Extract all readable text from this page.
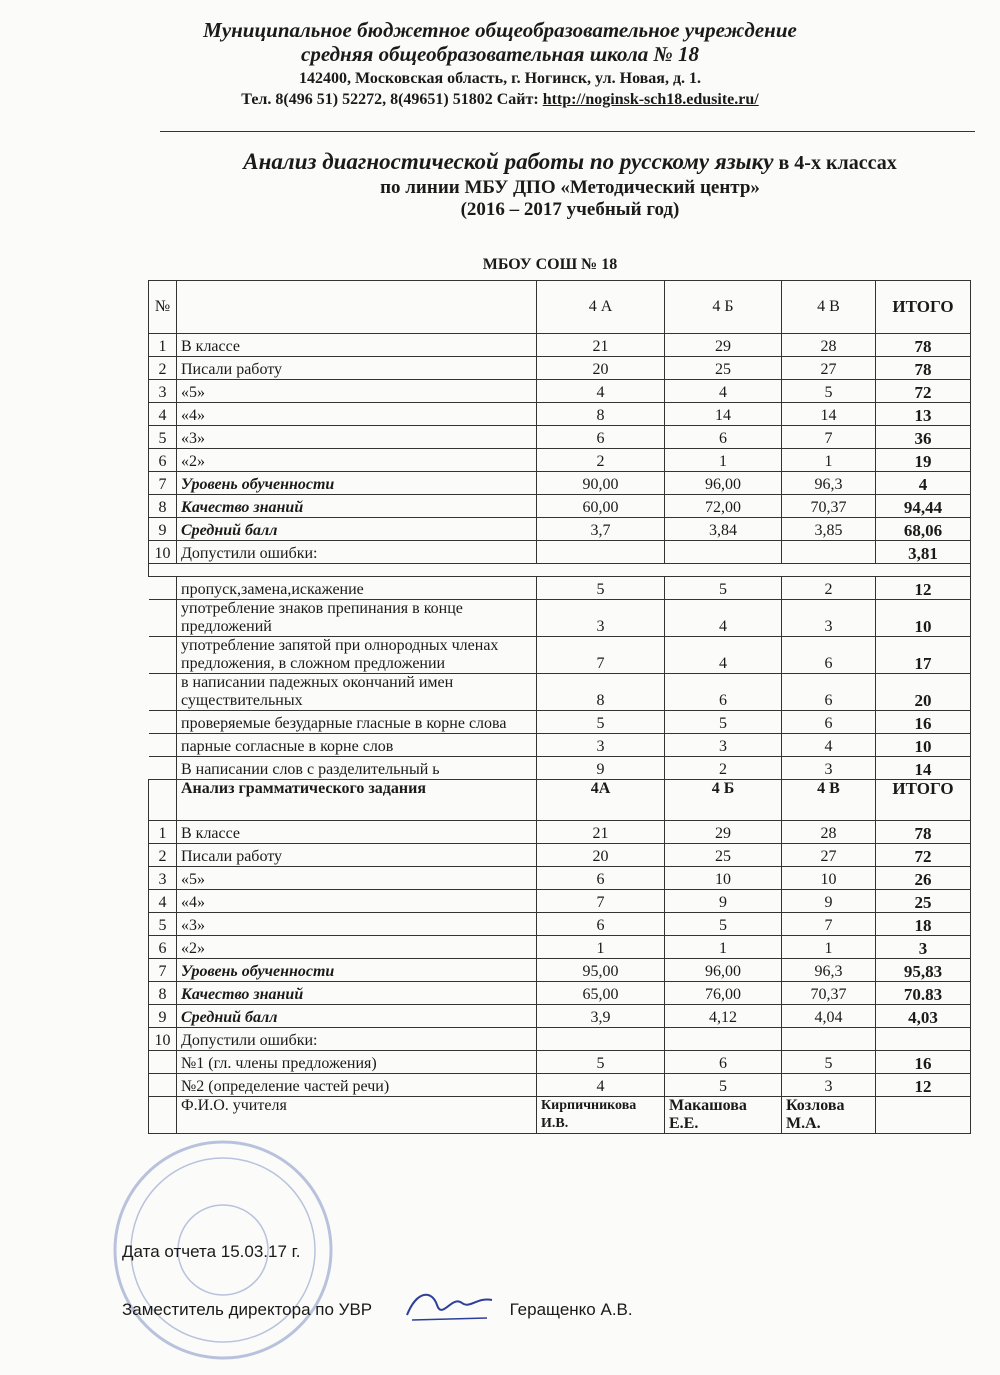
Муниципальное бюджетное общеобразовательное учреждение
средняя общеобразовательная школа № 18
142400, Московская область, г. Ногинск, ул. Новая, д. 1.
Тел. 8(496 51) 52272, 8(49651) 51802 Сайт: http://noginsk-sch18.edusite.ru/
Анализ диагностической работы по русскому языку в 4-х классах
по линии МБУ ДПО «Методический центр»
(2016 – 2017 учебный год)
МБОУ СОШ № 18
№		4 А	4 Б	4 В	ИТОГО
1	В классе	21	29	28	78
2	Писали работу	20	25	27	78
3	«5»	4	4	5	72
4	«4»	8	14	14	13
5	«3»	6	6	7	36
6	«2»	2	1	1	19
7	Уровень обученности	90,00	96,00	96,3	4
8	Качество знаний	60,00	72,00	70,37	94,44
9	Средний балл	3,7	3,84	3,85	68,06
10	Допустили ошибки:				3,81

	пропуск,замена,искажение	5	5	2	12
	употребление знаков препинания в конце предложений	3	4	3	10
	употребление запятой при олнородных членах предложения, в сложном предложении	7	4	6	17
	в написании падежных окончаний имен существительных	8	6	6	20
	проверяемые безударные гласные в корне слова	5	5	6	16
	парные согласные в корне слов	3	3	4	10
	В написании слов с разделительный ь	9	2	3	14
	Анализ грамматического задания	4А	4 Б	4 В	ИТОГО
1	В классе	21	29	28	78
2	Писали работу	20	25	27	72
3	«5»	6	10	10	26
4	«4»	7	9	9	25
5	«3»	6	5	7	18
6	«2»	1	1	1	3
7	Уровень обученности	95,00	96,00	96,3	95,83
8	Качество знаний	65,00	76,00	70,37	70.83
9	Средний балл	3,9	4,12	4,04	4,03
10	Допустили ошибки:				
	№1 (гл. члены предложения)	5	6	5	16
	№2 (определение частей речи)	4	5	3	12
	Ф.И.О. учителя	Кирпичникова И.В.	Макашова Е.Е.	Козлова М.А.	
Дата отчета 15.03.17 г.
Заместитель директора по УВР	Геращенко А.В.
